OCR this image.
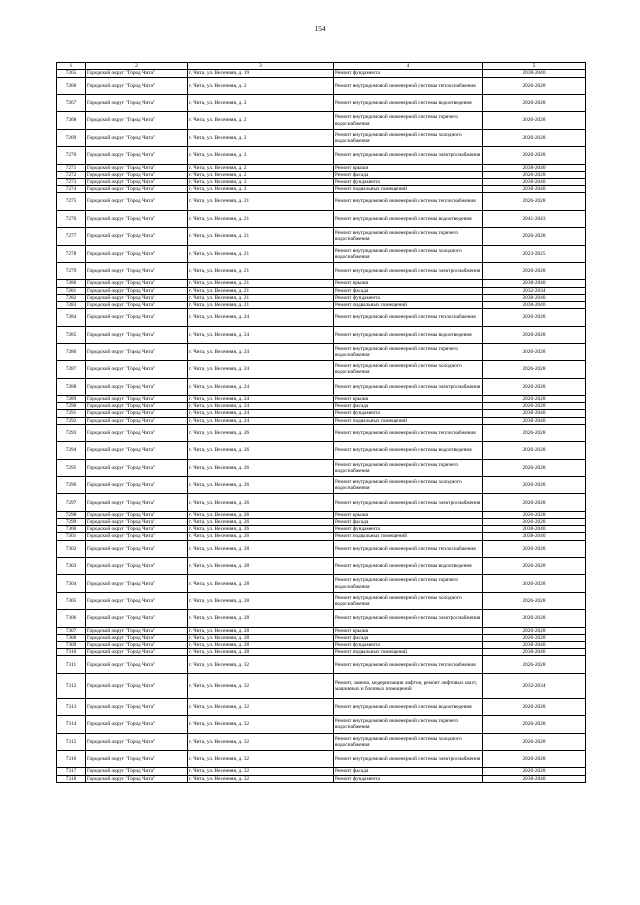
154
1	2	3	4	5
7265	Городской округ "Город Чита"	г. Чита, ул. Весенняя, д. 19	Ремонт фундамента	2038-2040
7266	Городской округ "Город Чита"	г. Чита, ул. Весенняя, д. 2	Ремонт внутридомовой инженерной системы теплоснабжения	2026-2028
7267	Городской округ "Город Чита"	г. Чита, ул. Весенняя, д. 2	Ремонт внутридомовой инженерной системы водоотведения	2026-2028
7268	Городской округ "Город Чита"	г. Чита, ул. Весенняя, д. 2	Ремонт внутридомовой инженерной системы горячего водоснабжения	2026-2028
7269	Городской округ "Город Чита"	г. Чита, ул. Весенняя, д. 2	Ремонт внутридомовой инженерной системы холодного водоснабжения	2026-2028
7270	Городской округ "Город Чита"	г. Чита, ул. Весенняя, д. 2	Ремонт внутридомовой инженерной системы электроснабжения	2026-2028
7271	Городской округ "Город Чита"	г. Чита, ул. Весенняя, д. 2	Ремонт крыши	2038-2040
7272	Городской округ "Город Чита"	г. Чита, ул. Весенняя, д. 2	Ремонт фасада	2026-2028
7273	Городской округ "Город Чита"	г. Чита, ул. Весенняя, д. 2	Ремонт фундамента	2038-2040
7274	Городской округ "Город Чита"	г. Чита, ул. Весенняя, д. 2	Ремонт подвальных помещений	2038-2040
7275	Городской округ "Город Чита"	г. Чита, ул. Весенняя, д. 21	Ремонт внутридомовой инженерной системы теплоснабжения	2026-2028
7276	Городской округ "Город Чита"	г. Чита, ул. Весенняя, д. 21	Ремонт внутридомовой инженерной системы водоотведения	2041-2043
7277	Городской округ "Город Чита"	г. Чита, ул. Весенняя, д. 21	Ремонт внутридомовой инженерной системы горячего водоснабжения	2026-2028
7278	Городской округ "Город Чита"	г. Чита, ул. Весенняя, д. 21	Ремонт внутридомовой инженерной системы холодного водоснабжения	2023-2025
7279	Городской округ "Город Чита"	г. Чита, ул. Весенняя, д. 21	Ремонт внутридомовой инженерной системы электроснабжения	2026-2028
7280	Городской округ "Город Чита"	г. Чита, ул. Весенняя, д. 21	Ремонт крыши	2038-2040
7281	Городской округ "Город Чита"	г. Чита, ул. Весенняя, д. 21	Ремонт фасада	2032-2034
7282	Городской округ "Город Чита"	г. Чита, ул. Весенняя, д. 21	Ремонт фундамента	2038-2040
7283	Городской округ "Город Чита"	г. Чита, ул. Весенняя, д. 21	Ремонт подвальных помещений	2038-2040
7284	Городской округ "Город Чита"	г. Чита, ул. Весенняя, д. 24	Ремонт внутридомовой инженерной системы теплоснабжения	2026-2028
7285	Городской округ "Город Чита"	г. Чита, ул. Весенняя, д. 24	Ремонт внутридомовой инженерной системы водоотведения	2026-2028
7286	Городской округ "Город Чита"	г. Чита, ул. Весенняя, д. 24	Ремонт внутридомовой инженерной системы горячего водоснабжения	2026-2028
7287	Городской округ "Город Чита"	г. Чита, ул. Весенняя, д. 24	Ремонт внутридомовой инженерной системы холодного водоснабжения	2026-2028
7288	Городской округ "Город Чита"	г. Чита, ул. Весенняя, д. 24	Ремонт внутридомовой инженерной системы электроснабжения	2026-2028
7289	Городской округ "Город Чита"	г. Чита, ул. Весенняя, д. 24	Ремонт крыши	2026-2028
7290	Городской округ "Город Чита"	г. Чита, ул. Весенняя, д. 24	Ремонт фасада	2026-2028
7291	Городской округ "Город Чита"	г. Чита, ул. Весенняя, д. 24	Ремонт фундамента	2038-2040
7292	Городской округ "Город Чита"	г. Чита, ул. Весенняя, д. 24	Ремонт подвальных помещений	2038-2040
7293	Городской округ "Город Чита"	г. Чита, ул. Весенняя, д. 26	Ремонт внутридомовой инженерной системы теплоснабжения	2026-2028
7294	Городской округ "Город Чита"	г. Чита, ул. Весенняя, д. 26	Ремонт внутридомовой инженерной системы водоотведения	2026-2028
7295	Городской округ "Город Чита"	г. Чита, ул. Весенняя, д. 26	Ремонт внутридомовой инженерной системы горячего водоснабжения	2026-2028
7296	Городской округ "Город Чита"	г. Чита, ул. Весенняя, д. 26	Ремонт внутридомовой инженерной системы холодного водоснабжения	2026-2028
7297	Городской округ "Город Чита"	г. Чита, ул. Весенняя, д. 26	Ремонт внутридомовой инженерной системы электроснабжения	2026-2028
7298	Городской округ "Город Чита"	г. Чита, ул. Весенняя, д. 26	Ремонт крыши	2026-2028
7299	Городской округ "Город Чита"	г. Чита, ул. Весенняя, д. 26	Ремонт фасада	2026-2028
7300	Городской округ "Город Чита"	г. Чита, ул. Весенняя, д. 26	Ремонт фундамента	2038-2040
7301	Городской округ "Город Чита"	г. Чита, ул. Весенняя, д. 26	Ремонт подвальных помещений	2038-2040
7302	Городской округ "Город Чита"	г. Чита, ул. Весенняя, д. 28	Ремонт внутридомовой инженерной системы теплоснабжения	2026-2028
7303	Городской округ "Город Чита"	г. Чита, ул. Весенняя, д. 28	Ремонт внутридомовой инженерной системы водоотведения	2026-2028
7304	Городской округ "Город Чита"	г. Чита, ул. Весенняя, д. 28	Ремонт внутридомовой инженерной системы горячего водоснабжения	2026-2028
7305	Городской округ "Город Чита"	г. Чита, ул. Весенняя, д. 28	Ремонт внутридомовой инженерной системы холодного водоснабжения	2026-2028
7306	Городской округ "Город Чита"	г. Чита, ул. Весенняя, д. 28	Ремонт внутридомовой инженерной системы электроснабжения	2026-2028
7307	Городской округ "Город Чита"	г. Чита, ул. Весенняя, д. 28	Ремонт крыши	2026-2028
7308	Городской округ "Город Чита"	г. Чита, ул. Весенняя, д. 28	Ремонт фасада	2026-2028
7309	Городской округ "Город Чита"	г. Чита, ул. Весенняя, д. 28	Ремонт фундамента	2038-2040
7310	Городской округ "Город Чита"	г. Чита, ул. Весенняя, д. 28	Ремонт подвальных помещений	2038-2040
7311	Городской округ "Город Чита"	г. Чита, ул. Весенняя, д. 32	Ремонт внутридомовой инженерной системы теплоснабжения	2026-2028
7312	Городской округ "Город Чита"	г. Чита, ул. Весенняя, д. 32	Ремонт, замена, модернизация лифтов, ремонт лифтовых шахт, машинных и блочных помещений	2032-2034
7313	Городской округ "Город Чита"	г. Чита, ул. Весенняя, д. 32	Ремонт внутридомовой инженерной системы водоотведения	2026-2028
7314	Городской округ "Город Чита"	г. Чита, ул. Весенняя, д. 32	Ремонт внутридомовой инженерной системы горячего водоснабжения	2026-2028
7315	Городской округ "Город Чита"	г. Чита, ул. Весенняя, д. 32	Ремонт внутридомовой инженерной системы холодного водоснабжения	2026-2028
7316	Городской округ "Город Чита"	г. Чита, ул. Весенняя, д. 32	Ремонт внутридомовой инженерной системы электроснабжения	2026-2028
7317	Городской округ "Город Чита"	г. Чита, ул. Весенняя, д. 32	Ремонт фасада	2026-2028
7318	Городской округ "Город Чита"	г. Чита, ул. Весенняя, д. 32	Ремонт фундамента	2038-2040
